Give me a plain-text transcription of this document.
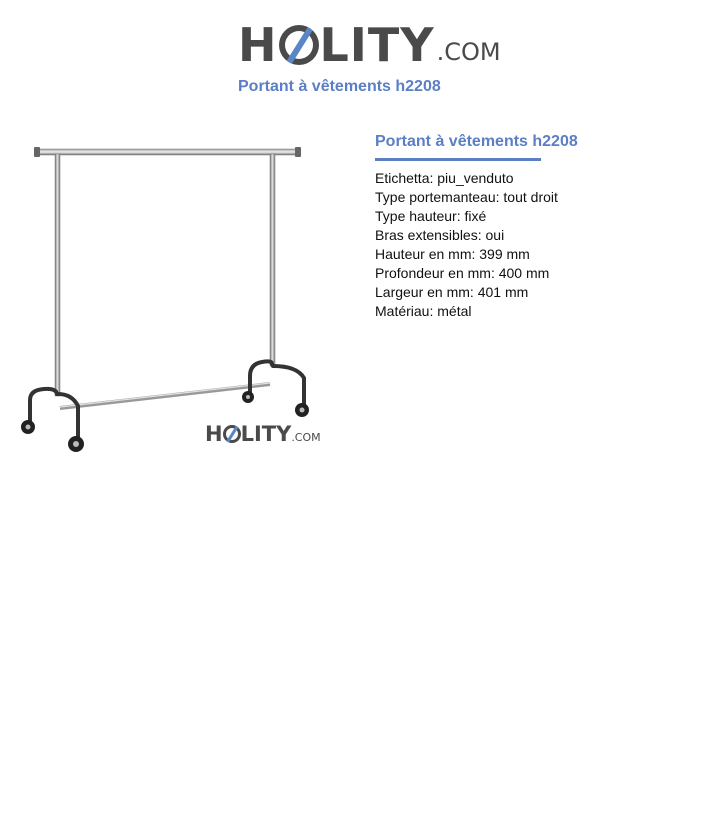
H LITY .COM
Portant à vêtements h2208
H LITY .COM
Portant à vêtements h2208
Etichetta: piu_venduto
Type portemanteau: tout droit
Type hauteur: fixé
Bras extensibles: oui
Hauteur en mm: 399 mm
Profondeur en mm: 400 mm
Largeur en mm: 401 mm
Matériau: métal
